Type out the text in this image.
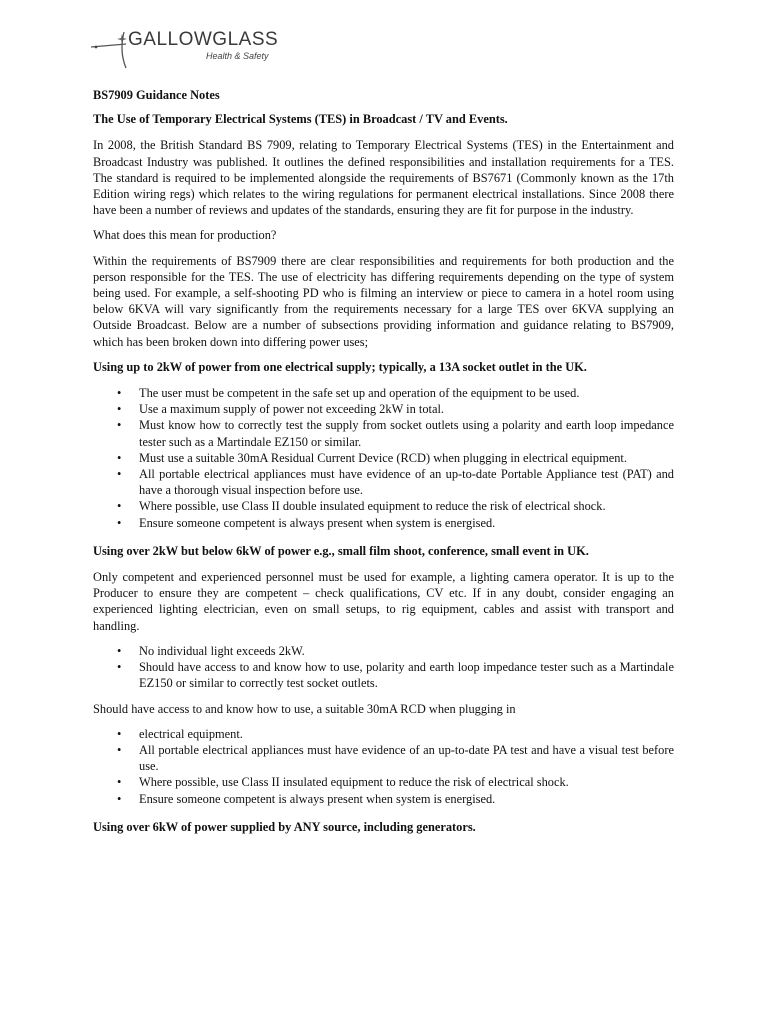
GALLOWGLASS
Health & Safety

BS7909 Guidance Notes

The Use of Temporary Electrical Systems (TES) in Broadcast / TV and Events.

In 2008, the British Standard BS 7909, relating to Temporary Electrical Systems (TES) in the Entertainment and Broadcast Industry was published. It outlines the defined responsibilities and installation requirements for a TES. The standard is required to be implemented alongside the requirements of BS7671 (Commonly known as the 17th Edition wiring regs) which relates to the wiring regulations for permanent electrical installations. Since 2008 there have been a number of reviews and updates of the standards, ensuring they are fit for purpose in the industry.

What does this mean for production?

Within the requirements of BS7909 there are clear responsibilities and requirements for both production and the person responsible for the TES. The use of electricity has differing requirements depending on the type of system being used. For example, a self-shooting PD who is filming an interview or piece to camera in a hotel room using below 6KVA will vary significantly from the requirements necessary for a large TES over 6KVA supplying an Outside Broadcast. Below are a number of subsections providing information and guidance relating to BS7909, which has been broken down into differing power uses;

Using up to 2kW of power from one electrical supply; typically, a 13A socket outlet in the UK.
• The user must be competent in the safe set up and operation of the equipment to be used.
• Use a maximum supply of power not exceeding 2kW in total.
• Must know how to correctly test the supply from socket outlets using a polarity and earth loop impedance tester such as a Martindale EZ150 or similar.
• Must use a suitable 30mA Residual Current Device (RCD) when plugging in electrical equipment.
• All portable electrical appliances must have evidence of an up-to-date Portable Appliance test (PAT) and have a thorough visual inspection before use.
• Where possible, use Class II double insulated equipment to reduce the risk of electrical shock.
• Ensure someone competent is always present when system is energised.
Using over 2kW but below 6kW of power e.g., small film shoot, conference, small event in UK.

Only competent and experienced personnel must be used for example, a lighting camera operator. It is up to the Producer to ensure they are competent – check qualifications, CV etc. If in any doubt, consider engaging an experienced lighting electrician, even on small setups, to rig equipment, cables and assist with transport and handling.

• No individual light exceeds 2kW.
• Should have access to and know how to use, polarity and earth loop impedance tester such as a Martindale EZ150 or similar to correctly test socket outlets.

Should have access to and know how to use, a suitable 30mA RCD when plugging in

• electrical equipment.
• All portable electrical appliances must have evidence of an up-to-date PA test and have a visual test before use.
• Where possible, use Class II insulated equipment to reduce the risk of electrical shock.
• Ensure someone competent is always present when system is energised.
Using over 6kW of power supplied by ANY source, including generators.
